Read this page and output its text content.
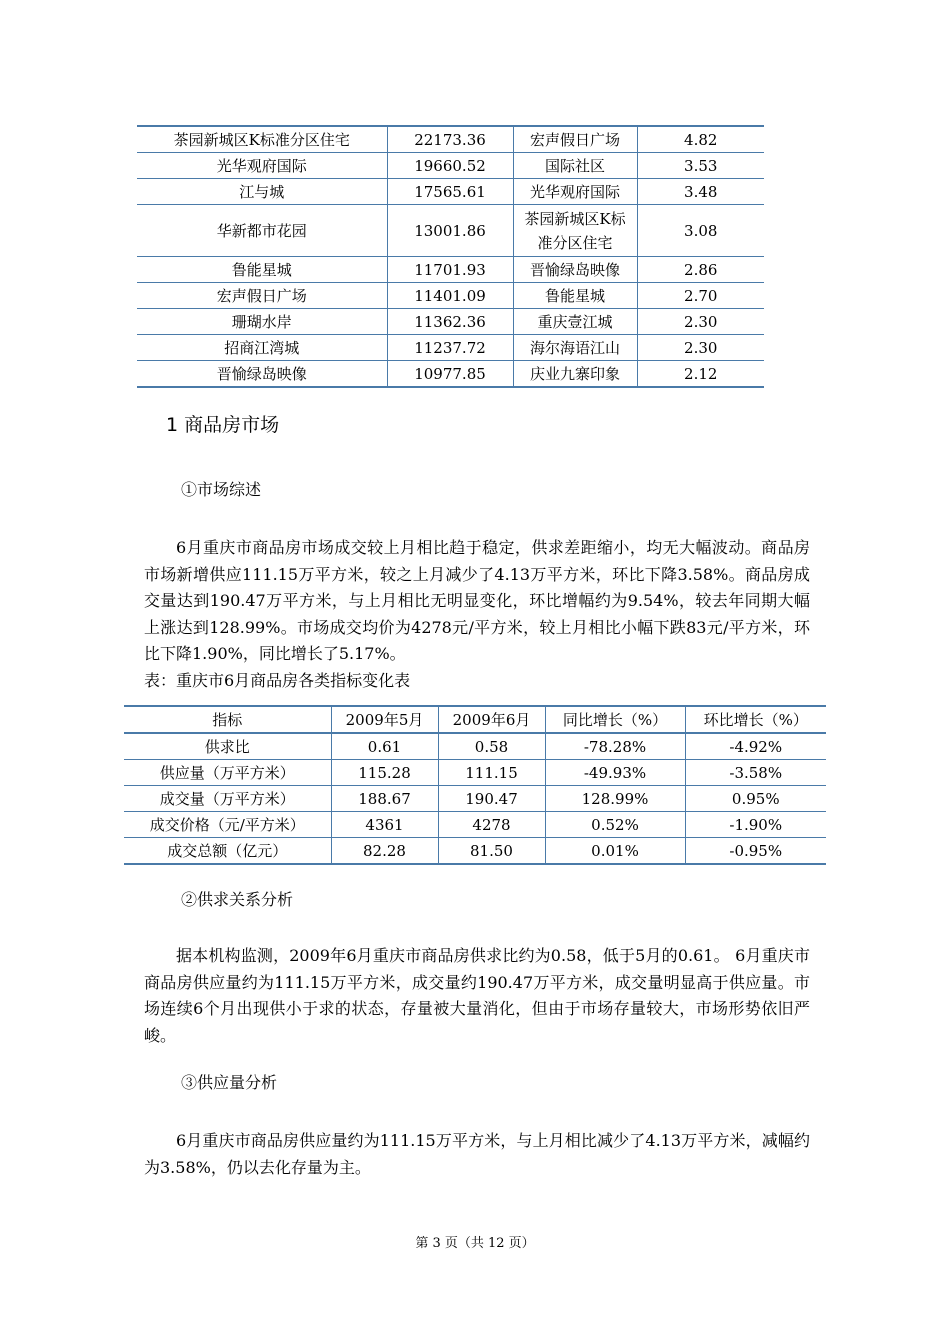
茶园新城区K标准分区住宅	22173.36	宏声假日广场	4.82
光华观府国际	19660.52	国际社区	3.53
江与城	17565.61	光华观府国际	3.48
华新都市花园	13001.86	茶园新城区K标准分区住宅	3.08
鲁能星城	11701.93	晋愉绿岛映像	2.86
宏声假日广场	11401.09	鲁能星城	2.70
珊瑚水岸	11362.36	重庆壹江城	2.30
招商江湾城	11237.72	海尔海语江山	2.30
晋愉绿岛映像	10977.85	庆业九寨印象	2.12
1 商品房市场
①市场综述

6月重庆市商品房市场成交较上月相比趋于稳定，供求差距缩小，均无大幅波动。商品房市场新增供应111.15万平方米，较之上月减少了4.13万平方米，环比下降3.58%。商品房成交量达到190.47万平方米，与上月相比无明显变化，环比增幅约为9.54%，较去年同期大幅上涨达到128.99%。市场成交均价为4278元/平方米，较上月相比小幅下跌83元/平方米，环比下降1.90%，同比增长了5.17%。

表：重庆市6月商品房各类指标变化表
指标	2009年5月	2009年6月	同比增长（%）	环比增长（%）
供求比	0.61	0.58	-78.28%	-4.92%
供应量（万平方米）	115.28	111.15	-49.93%	-3.58%
成交量（万平方米）	188.67	190.47	128.99%	0.95%
成交价格（元/平方米）	4361	4278	0.52%	-1.90%
成交总额（亿元）	82.28	81.50	0.01%	-0.95%
②供求关系分析

据本机构监测，2009年6月重庆市商品房供求比约为0.58，低于5月的0.61。 6月重庆市商品房供应量约为111.15万平方米，成交量约190.47万平方米，成交量明显高于供应量。市场连续6个月出现供小于求的状态，存量被大量消化，但由于市场存量较大，市场形势依旧严峻。

③供应量分析

6月重庆市商品房供应量约为111.15万平方米，与上月相比减少了4.13万平方米，减幅约为3.58%，仍以去化存量为主。

第 3 页（共 12 页）
